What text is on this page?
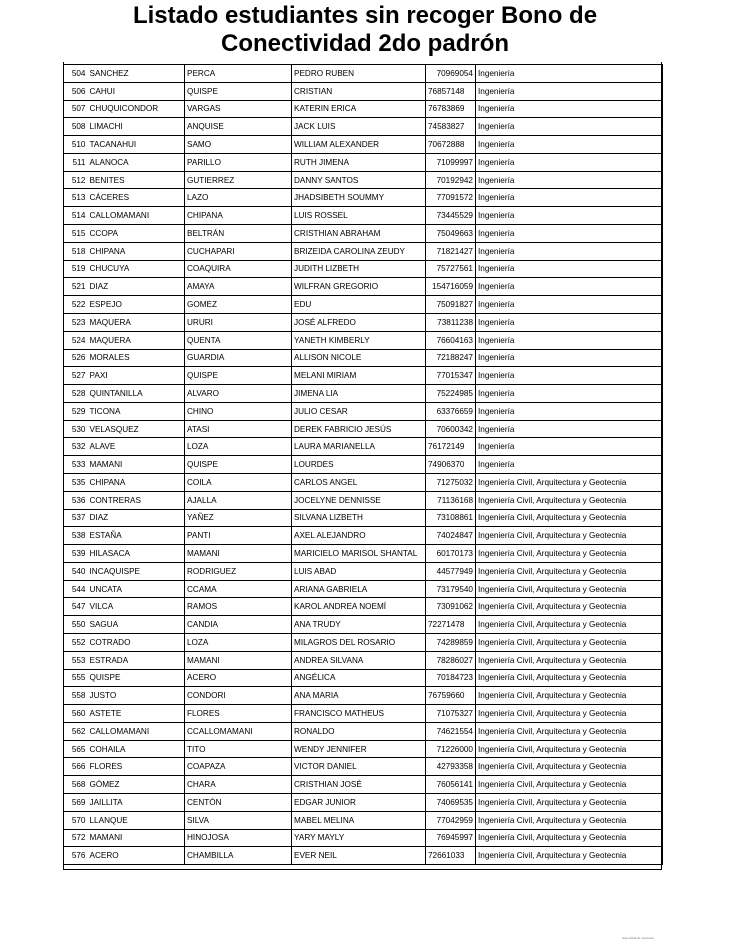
Listado estudiantes sin recoger Bono de
Conectividad 2do padrón
504	SANCHEZ	PERCA	PEDRO RUBEN	70969054	Ingeniería
506	CAHUI	QUISPE	CRISTIAN	76857148	Ingeniería
507	CHUQUICONDOR	VARGAS	KATERIN ERICA	76783869	Ingeniería
508	LIMACHI	ANQUISE	JACK LUIS	74583827	Ingeniería
510	TACANAHUI	SAMO	WILLIAM ALEXANDER	70672888	Ingeniería
511	ALANOCA	PARILLO	RUTH JIMENA	71099997	Ingeniería
512	BENITES	GUTIERREZ	DANNY SANTOS	70192942	Ingeniería
513	CÁCERES	LAZO	JHADSIBETH SOUMMY	77091572	Ingeniería
514	CALLOMAMANI	CHIPANA	LUIS ROSSEL	73445529	Ingeniería
515	CCOPA	BELTRÁN	CRISTHIAN ABRAHAM	75049663	Ingeniería
518	CHIPANA	CUCHAPARI	BRIZEIDA CAROLINA ZEUDY	71821427	Ingeniería
519	CHUCUYA	COAQUIRA	JUDITH LIZBETH	75727561	Ingeniería
521	DIAZ	AMAYA	WILFRAN GREGORIO	154716059	Ingeniería
522	ESPEJO	GOMEZ	EDU	75091827	Ingeniería
523	MAQUERA	URURI	JOSÉ ALFREDO	73811238	Ingeniería
524	MAQUERA	QUENTA	YANETH KIMBERLY	76604163	Ingeniería
526	MORALES	GUARDIA	ALLISON NICOLE	72188247	Ingeniería
527	PAXI	QUISPE	MELANI MIRIAM	77015347	Ingeniería
528	QUINTANILLA	ALVARO	JIMENA LIA	75224985	Ingeniería
529	TICONA	CHINO	JULIO CESAR	63376659	Ingeniería
530	VELASQUEZ	ATASI	DEREK FABRICIO JESÚS	70600342	Ingeniería
532	ALAVE	LOZA	LAURA MARIANELLA	76172149	Ingeniería
533	MAMANI	QUISPE	LOURDES	74906370	Ingeniería
535	CHIPANA	COILA	CARLOS ANGEL	71275032	Ingeniería Civil, Arquitectura y Geotecnia
536	CONTRERAS	AJALLA	JOCELYNE DENNISSE	71136168	Ingeniería Civil, Arquitectura y Geotecnia
537	DIAZ	YAÑEZ	SILVANA LIZBETH	73108861	Ingeniería Civil, Arquitectura y Geotecnia
538	ESTAÑA	PANTI	AXEL ALEJANDRO	74024847	Ingeniería Civil, Arquitectura y Geotecnia
539	HILASACA	MAMANI	MARICIELO MARISOL SHANTAL	60170173	Ingeniería Civil, Arquitectura y Geotecnia
540	INCAQUISPE	RODRIGUEZ	LUIS ABAD	44577949	Ingeniería Civil, Arquitectura y Geotecnia
544	UNCATA	CCAMA	ARIANA GABRIELA	73179540	Ingeniería Civil, Arquitectura y Geotecnia
547	VILCA	RAMOS	KAROL ANDREA NOEMÍ	73091062	Ingeniería Civil, Arquitectura y Geotecnia
550	SAGUA	CANDIA	ANA TRUDY	72271478	Ingeniería Civil, Arquitectura y Geotecnia
552	COTRADO	LOZA	MILAGROS DEL ROSARIO	74289859	Ingeniería Civil, Arquitectura y Geotecnia
553	ESTRADA	MAMANI	ANDREA SILVANA	78286027	Ingeniería Civil, Arquitectura y Geotecnia
555	QUISPE	ACERO	ANGÉLICA	70184723	Ingeniería Civil, Arquitectura y Geotecnia
558	JUSTO	CONDORI	ANA MARIA	76759660	Ingeniería Civil, Arquitectura y Geotecnia
560	ASTETE	FLORES	FRANCISCO MATHEUS	71075327	Ingeniería Civil, Arquitectura y Geotecnia
562	CALLOMAMANI	CCALLOMAMANI	RONALDO	74621554	Ingeniería Civil, Arquitectura y Geotecnia
565	COHAILA	TITO	WENDY JENNIFER	71226000	Ingeniería Civil, Arquitectura y Geotecnia
566	FLORES	COAPAZA	VICTOR DANIEL	42793358	Ingeniería Civil, Arquitectura y Geotecnia
568	GÓMEZ	CHARA	CRISTHIAN JOSÉ	76056141	Ingeniería Civil, Arquitectura y Geotecnia
569	JAILLITA	CENTÓN	EDGAR JUNIOR	74069535	Ingeniería Civil, Arquitectura y Geotecnia
570	LLANQUE	SILVA	MABEL MELINA	77042959	Ingeniería Civil, Arquitectura y Geotecnia
572	MAMANI	HINOJOSA	YARY MAYLY	76945997	Ingeniería Civil, Arquitectura y Geotecnia
576	ACERO	CHAMBILLA	EVER NEIL	72661033	Ingeniería Civil, Arquitectura y Geotecnia
hoja oficial de impresión
